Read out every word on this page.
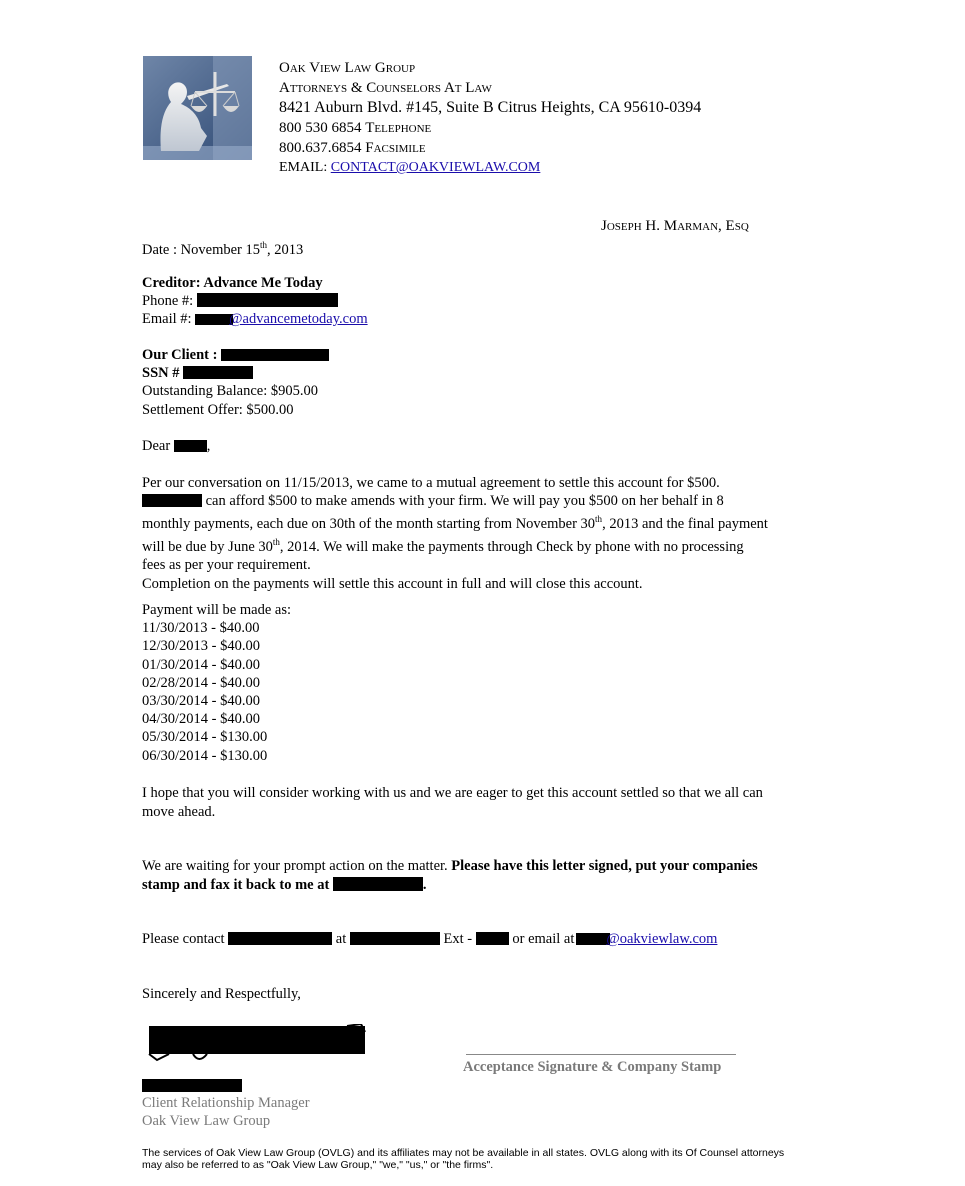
Oak View Law Group
Attorneys & Counselors At Law
8421 Auburn Blvd. #145, Suite B Citrus Heights, CA 95610-0394
800 530 6854 Telephone
800.637.6854 Facsimile
EMAIL: CONTACT@OAKVIEWLAW.COM
Joseph H. Marman, Esq
Date : November 15th, 2013
Creditor: Advance Me Today
Phone #:
Email #:	@advancemetoday.com
Our Client :
SSN #
Outstanding Balance: $905.00
Settlement Offer: $500.00
Dear	,
Per our conversation on 11/15/2013, we came to a mutual agreement to settle this account for $500.
can afford $500 to make amends with your firm. We will pay you $500 on her behalf in 8
monthly payments, each due on 30th of the month starting from November 30th, 2013 and the final payment
will be due by June 30th, 2014. We will make the payments through Check by phone with no processing
fees as per your requirement.
Completion on the payments will settle this account in full and will close this account.
Payment will be made as:
11/30/2013 - $40.00
12/30/2013 - $40.00
01/30/2014 - $40.00
02/28/2014 - $40.00
03/30/2014 - $40.00
04/30/2014 - $40.00
05/30/2014 - $130.00
06/30/2014 - $130.00
I hope that you will consider working with us and we are eager to get this account settled so that we all can
move ahead.
We are waiting for your prompt action on the matter. Please have this letter signed, put your companies
stamp and fax it back to me at	.
Please contact	at	Ext -	or email at @oakviewlaw.com
Sincerely and Respectfully,
Client Relationship Manager
Oak View Law Group
Acceptance Signature & Company Stamp
The services of Oak View Law Group (OVLG) and its affiliates may not be available in all states. OVLG along with its Of Counsel attorneys
may also be referred to as "Oak View Law Group," "we," "us," or "the firms".
